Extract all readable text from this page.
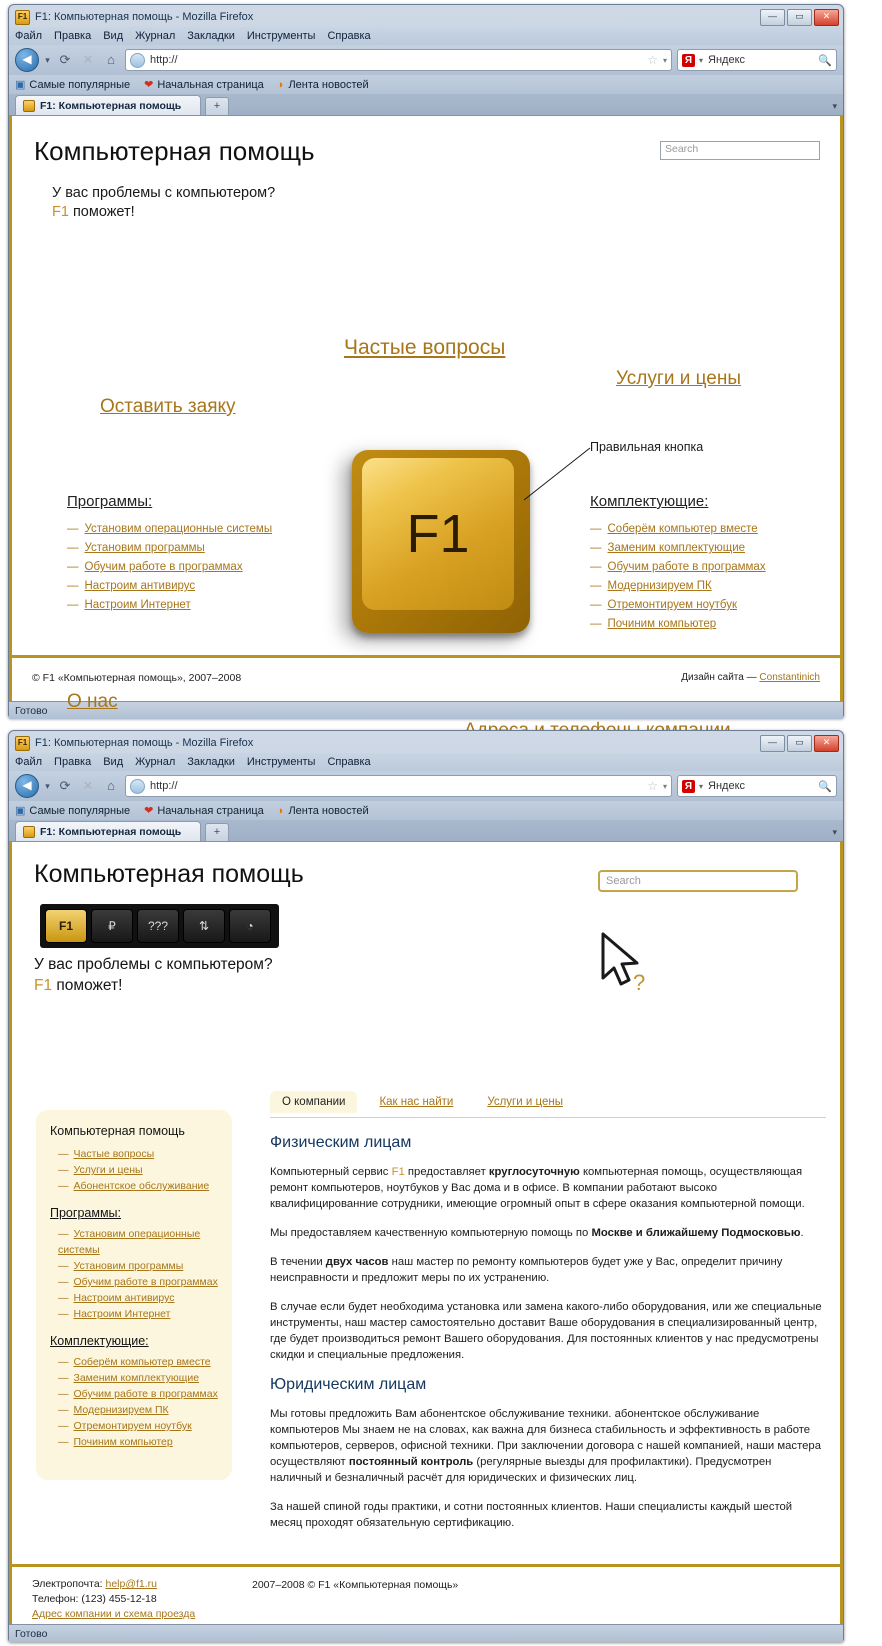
F1 F1: Компьютерная помощь - Mozilla Firefox	—	▭	✕
Файл Правка Вид Журнал Закладки Инструменты Справка
◀	▾ ⟳ ✕	⌂	http://	☆ ▾ Я ▾ Яндекс	🔍
▣ Самые популярные ❤ Начальная страница ◗ Лента новостей
F1: Компьютерная помощь	+	▾
Компьютерная помощь	Search
У вас проблемы с компьютером?
F1 поможет!
Частые вопросы
Услуги и цены
Оставить заяку
О нас
F1
Правильная кнопка
Программы:
— Установим операционные системы
— Установим программы
— Обучим работе в программах
— Настроим антивирус
— Настроим Интернет
Комплектующие:
— Соберём компьютер вместе
— Заменим комплектующие
— Обучим работе в программах
— Модернизируем ПК
— Отремонтируем ноутбук
— Починим компьютер
© F1 «Компьютерная помощь», 2007–2008	Дизайн сайта — Constantinich
Готово
F1 F1: Компьютерная помощь - Mozilla Firefox	—	▭	✕
Файл Правка Вид Журнал Закладки Инструменты Справка
◀	▾ ⟳ ✕	⌂	http://	☆ ▾ Я ▾ Яндекс	🔍
▣ Самые популярные ❤ Начальная страница ◗ Лента новостей
F1: Компьютерная помощь	+	▾
Компьютерная помощь	Search
F1	₽	???	⇅	◔
У вас проблемы с компьютером?
F1 поможет!	?
Компьютерная помощь
— Частые вопросы
— Услуги и цены
— Абонентское обслуживание
Программы:
— Установим операционные системы
— Установим программы
— Обучим работе в программах
— Настроим антивирус
— Настроим Интернет
Комплектующие:
— Соберём компьютер вместе
— Заменим комплектующие
— Обучим работе в программах
— Модернизируем ПК
— Отремонтируем ноутбук
— Починим компьютер
О компании	Как нас найти	Услуги и цены
Физическим лицам

Компьютерный сервис F1 предоставляет круглосуточную компьютерная помощь, осуществляющая ремонт компьютеров, ноутбуков у Вас дома и в офисе. В компании работают высоко квалифицированние сотрудники, имеющие огромный опыт в сфере оказания компьютерной помощи.

Мы предоставляем качественную компьютерную помощь по Москве и ближайшему Подмосковью.

В течении двух часов наш мастер по ремонту компьютеров будет уже у Вас, определит причину неисправности и предложит меры по их устранению.

В случае если будет необходима установка или замена какого-либо оборудования, или же специальные инструменты, наш мастер самостоятельно доставит Ваше оборудования в специализированный центр, где будет производиться ремонт Вашего оборудования. Для постоянных клиентов у нас предусмотрены скидки и специальные предложения.

Юридическим лицам

Мы готовы предложить Вам абонентское обслуживание техники. абонентское обслуживание компьютеров Мы знаем не на словах, как важна для бизнеса стабильность и эффективность в работе компьютеров, серверов, офисной техники. При заключении договора с нашей компанией, наши мастера осуществляют постоянный контроль (регулярные выезды для профилактики). Предусмотрен наличный и безналичный расчёт для юридических и физических лиц.

За нашей спиной годы практики, и сотни постоянных клиентов. Наши специалисты каждый шестой месяц проходят обязательную сертификацию.

Электропочта: help@f1.ru
Телефон: (123) 455-12-18
Адрес компании и схема проезда
2007–2008 © F1 «Компьютерная помощь»
Готово
